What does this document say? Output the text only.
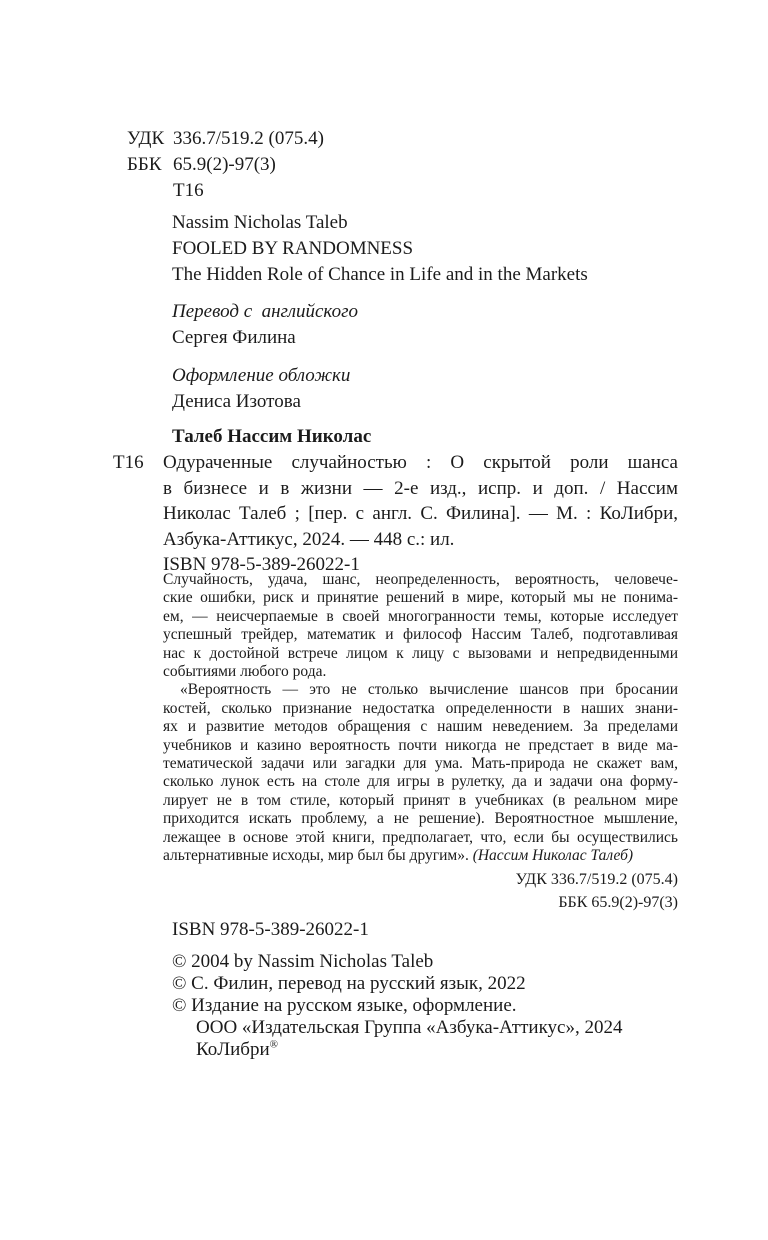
УДК 336.7/519.2 (075.4)
ББК 65.9(2)-97(3)
Т16
Nassim Nicholas Taleb
FOOLED BY RANDOMNESS
The Hidden Role of Chance in Life and in the Markets
Перевод с  английского
Сергея Филина
Оформление обложки
Дениса Изотова
Талеб Нассим Николас
Т16	Одураченные случайностью : О скрытой роли шанса
в бизнесе и в жизни — 2-е изд., испр. и доп. / Нассим
Николас Талеб ; [пер. с англ. С. Филина]. — М. : КоЛибри,
Азбука-Аттикус, 2024. — 448 с.: ил.
ISBN 978-5-389-26022-1
Случайность, удача, шанс, неопределенность, вероятность, человече-
ские ошибки, риск и принятие решений в мире, который мы не понима-
ем, — неисчерпаемые в своей многогранности темы, которые исследует
успешный трейдер, математик и философ Нассим Талеб, подготавливая
нас к достойной встрече лицом к лицу с вызовами и непредвиденными
событиями любого рода.
«Вероятность — это не столько вычисление шансов при бросании
костей, сколько признание недостатка определенности в наших знани-
ях и развитие методов обращения с нашим неведением. За пределами
учебников и казино вероятность почти никогда не предстает в виде ма-
тематической задачи или загадки для ума. Мать-природа не скажет вам,
сколько лунок есть на столе для игры в рулетку, да и задачи она форму-
лирует не в том стиле, который принят в учебниках (в реальном мире
приходится искать проблему, а не решение). Вероятностное мышление,
лежащее в основе этой книги, предполагает, что, если бы осуществились
альтернативные исходы, мир был бы другим». (Нассим Николас Талеб)
УДК 336.7/519.2 (075.4)
ББК 65.9(2)-97(3)
ISBN 978-5-389-26022-1
© 2004 by Nassim Nicholas Taleb
© С. Филин, перевод на русский язык, 2022
© Издание на русском языке, оформление.
ООО «Издательская Группа «Азбука-Аттикус», 2024
КоЛибри®
